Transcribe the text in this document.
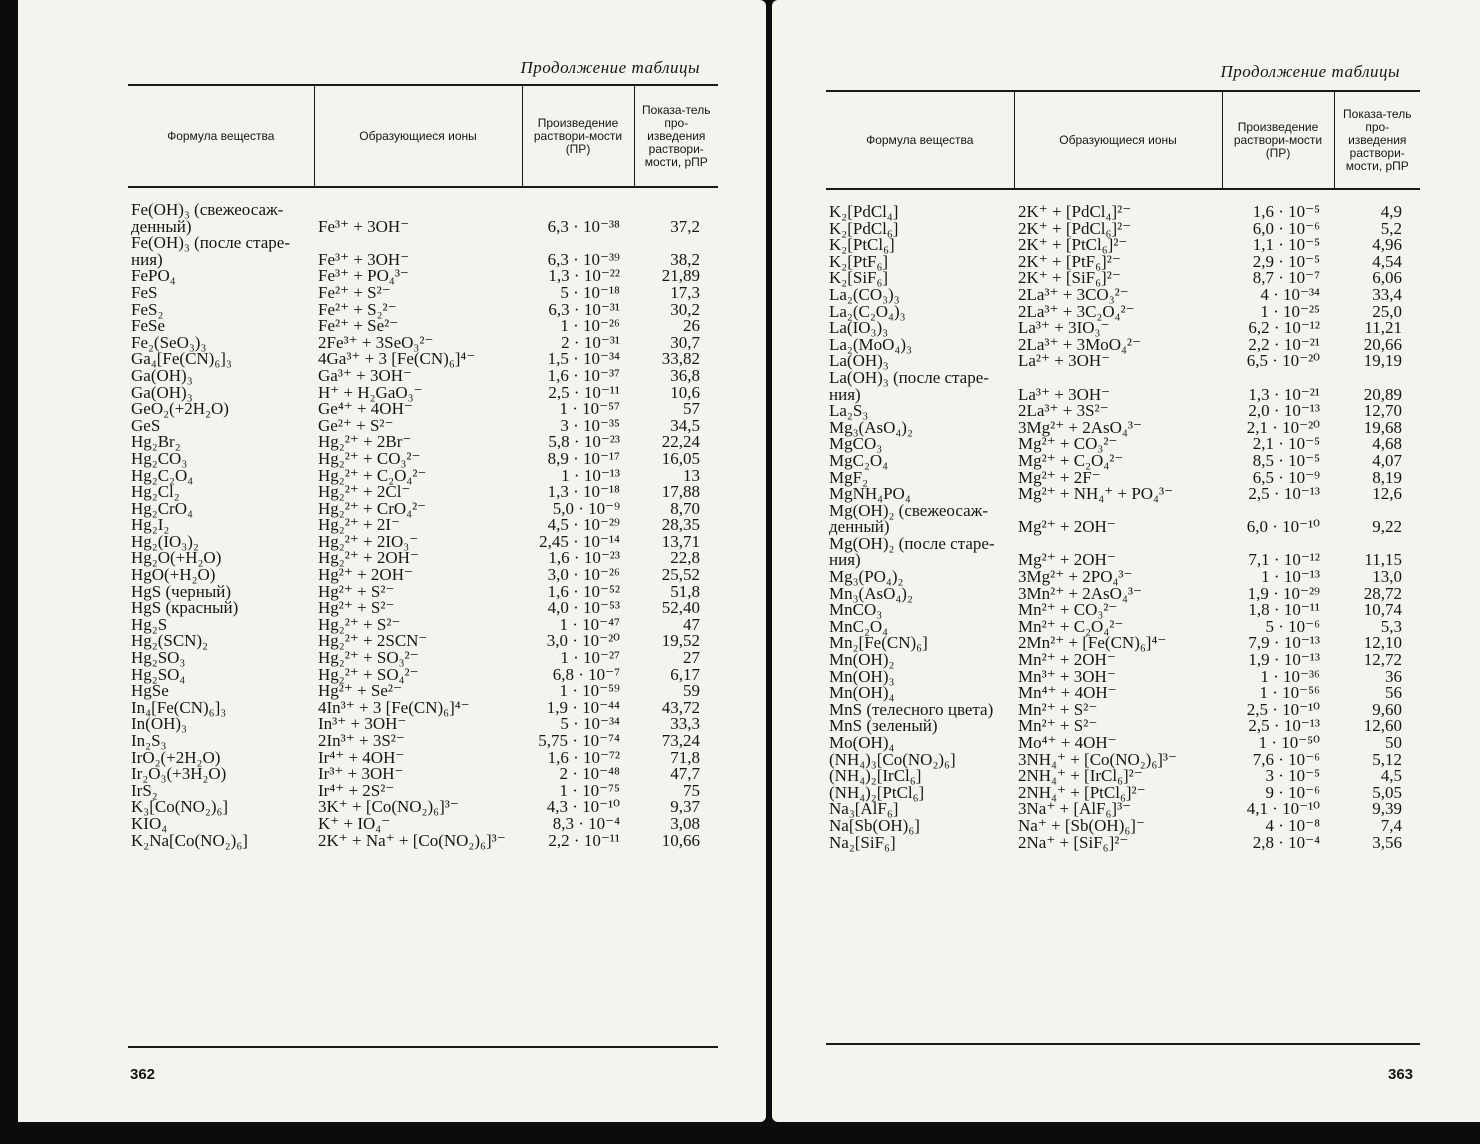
Продолжение таблицы
Формула вещества	Образующиеся ионы	Произведение раствори-мости (ПР)	Показа-тель про-изведения раствори-мости, рПР

Fe(OH)₃ (свежеосаж-денный)	Fe³⁺ + 3OH⁻	6,3 · 10⁻³⁸	37,2
Fe(OH)₃ (после старе-ния)	Fe³⁺ + 3OH⁻	6,3 · 10⁻³⁹	38,2
FePO₄	Fe³⁺ + PO₄³⁻	1,3 · 10⁻²²	21,89
FeS	Fe²⁺ + S²⁻	5 · 10⁻¹⁸	17,3
FeS₂	Fe²⁺ + S₂²⁻	6,3 · 10⁻³¹	30,2
FeSe	Fe²⁺ + Se²⁻	1 · 10⁻²⁶	26
Fe₂(SeO₃)₃	2Fe³⁺ + 3SeO₃²⁻	2 · 10⁻³¹	30,7
Ga₄[Fe(CN)₆]₃	4Ga³⁺ + 3 [Fe(CN)₆]⁴⁻	1,5 · 10⁻³⁴	33,82
Ga(OH)₃	Ga³⁺ + 3OH⁻	1,6 · 10⁻³⁷	36,8
Ga(OH)₃	H⁺ + H₂GaO₃⁻	2,5 · 10⁻¹¹	10,6
GeO₂(+2H₂O)	Ge⁴⁺ + 4OH⁻	1 · 10⁻⁵⁷	57
GeS	Ge²⁺ + S²⁻	3 · 10⁻³⁵	34,5
Hg₂Br₂	Hg₂²⁺ + 2Br⁻	5,8 · 10⁻²³	22,24
Hg₂CO₃	Hg₂²⁺ + CO₃²⁻	8,9 · 10⁻¹⁷	16,05
Hg₂C₂O₄	Hg₂²⁺ + C₂O₄²⁻	1 · 10⁻¹³	13
Hg₂Cl₂	Hg₂²⁺ + 2Cl⁻	1,3 · 10⁻¹⁸	17,88
Hg₂CrO₄	Hg₂²⁺ + CrO₄²⁻	5,0 · 10⁻⁹	8,70
Hg₂I₂	Hg₂²⁺ + 2I⁻	4,5 · 10⁻²⁹	28,35
Hg₂(IO₃)₂	Hg₂²⁺ + 2IO₃⁻	2,45 · 10⁻¹⁴	13,71
Hg₂O(+H₂O)	Hg₂²⁺ + 2OH⁻	1,6 · 10⁻²³	22,8
HgO(+H₂O)	Hg²⁺ + 2OH⁻	3,0 · 10⁻²⁶	25,52
HgS (черный)	Hg²⁺ + S²⁻	1,6 · 10⁻⁵²	51,8
HgS (красный)	Hg²⁺ + S²⁻	4,0 · 10⁻⁵³	52,40
Hg₂S	Hg₂²⁺ + S²⁻	1 · 10⁻⁴⁷	47
Hg₂(SCN)₂	Hg₂²⁺ + 2SCN⁻	3,0 · 10⁻²⁰	19,52
Hg₂SO₃	Hg₂²⁺ + SO₃²⁻	1 · 10⁻²⁷	27
Hg₂SO₄	Hg₂²⁺ + SO₄²⁻	6,8 · 10⁻⁷	6,17
HgSe	Hg²⁺ + Se²⁻	1 · 10⁻⁵⁹	59
In₄[Fe(CN)₆]₃	4In³⁺ + 3 [Fe(CN)₆]⁴⁻	1,9 · 10⁻⁴⁴	43,72
In(OH)₃	In³⁺ + 3OH⁻	5 · 10⁻³⁴	33,3
In₂S₃	2In³⁺ + 3S²⁻	5,75 · 10⁻⁷⁴	73,24
IrO₂(+2H₂O)	Ir⁴⁺ + 4OH⁻	1,6 · 10⁻⁷²	71,8
Ir₂O₃(+3H₂O)	Ir³⁺ + 3OH⁻	2 · 10⁻⁴⁸	47,7
IrS₂	Ir⁴⁺ + 2S²⁻	1 · 10⁻⁷⁵	75
K₃[Co(NO₂)₆]	3K⁺ + [Co(NO₂)₆]³⁻	4,3 · 10⁻¹⁰	9,37
KIO₄	K⁺ + IO₄⁻	8,3 · 10⁻⁴	3,08
K₂Na[Co(NO₂)₆]	2K⁺ + Na⁺ + [Co(NO₂)₆]³⁻	2,2 · 10⁻¹¹	10,66
362
Продолжение таблицы
Формула вещества	Образующиеся ионы	Произведение раствори-мости (ПР)	Показа-тель про-изведения раствори-мости, рПР

K₂[PdCl₄]	2K⁺ + [PdCl₄]²⁻	1,6 · 10⁻⁵	4,9
K₂[PdCl₆]	2K⁺ + [PdCl₆]²⁻	6,0 · 10⁻⁶	5,2
K₂[PtCl₆]	2K⁺ + [PtCl₆]²⁻	1,1 · 10⁻⁵	4,96
K₂[PtF₆]	2K⁺ + [PtF₆]²⁻	2,9 · 10⁻⁵	4,54
K₂[SiF₆]	2K⁺ + [SiF₆]²⁻	8,7 · 10⁻⁷	6,06
La₂(CO₃)₃	2La³⁺ + 3CO₃²⁻	4 · 10⁻³⁴	33,4
La₂(C₂O₄)₃	2La³⁺ + 3C₂O₄²⁻	1 · 10⁻²⁵	25,0
La(IO₃)₃	La³⁺ + 3IO₃⁻	6,2 · 10⁻¹²	11,21
La₂(MoO₄)₃	2La³⁺ + 3MoO₄²⁻	2,2 · 10⁻²¹	20,66
La(OH)₃	La²⁺ + 3OH⁻	6,5 · 10⁻²⁰	19,19
La(OH)₃ (после старе-ния)	La³⁺ + 3OH⁻	1,3 · 10⁻²¹	20,89
La₂S₃	2La³⁺ + 3S²⁻	2,0 · 10⁻¹³	12,70
Mg₃(AsO₄)₂	3Mg²⁺ + 2AsO₄³⁻	2,1 · 10⁻²⁰	19,68
MgCO₃	Mg²⁺ + CO₃²⁻	2,1 · 10⁻⁵	4,68
MgC₂O₄	Mg²⁺ + C₂O₄²⁻	8,5 · 10⁻⁵	4,07
MgF₂	Mg²⁺ + 2F⁻	6,5 · 10⁻⁹	8,19
MgNH₄PO₄	Mg²⁺ + NH₄⁺ + PO₄³⁻	2,5 · 10⁻¹³	12,6
Mg(OH)₂ (свежеосаж-денный)	Mg²⁺ + 2OH⁻	6,0 · 10⁻¹⁰	9,22
Mg(OH)₂ (после старе-ния)	Mg²⁺ + 2OH⁻	7,1 · 10⁻¹²	11,15
Mg₃(PO₄)₂	3Mg²⁺ + 2PO₄³⁻	1 · 10⁻¹³	13,0
Mn₃(AsO₄)₂	3Mn²⁺ + 2AsO₄³⁻	1,9 · 10⁻²⁹	28,72
MnCO₃	Mn²⁺ + CO₃²⁻	1,8 · 10⁻¹¹	10,74
MnC₂O₄	Mn²⁺ + C₂O₄²⁻	5 · 10⁻⁶	5,3
Mn₂[Fe(CN)₆]	2Mn²⁺ + [Fe(CN)₆]⁴⁻	7,9 · 10⁻¹³	12,10
Mn(OH)₂	Mn²⁺ + 2OH⁻	1,9 · 10⁻¹³	12,72
Mn(OH)₃	Mn³⁺ + 3OH⁻	1 · 10⁻³⁶	36
Mn(OH)₄	Mn⁴⁺ + 4OH⁻	1 · 10⁻⁵⁶	56
MnS (телесного цвета)	Mn²⁺ + S²⁻	2,5 · 10⁻¹⁰	9,60
MnS (зеленый)	Mn²⁺ + S²⁻	2,5 · 10⁻¹³	12,60
Mo(OH)₄	Mo⁴⁺ + 4OH⁻	1 · 10⁻⁵⁰	50
(NH₄)₃[Co(NO₂)₆]	3NH₄⁺ + [Co(NO₂)₆]³⁻	7,6 · 10⁻⁶	5,12
(NH₄)₂[IrCl₆]	2NH₄⁺ + [IrCl₆]²⁻	3 · 10⁻⁵	4,5
(NH₄)₂[PtCl₆]	2NH₄⁺ + [PtCl₆]²⁻	9 · 10⁻⁶	5,05
Na₃[AlF₆]	3Na⁺ + [AlF₆]³⁻	4,1 · 10⁻¹⁰	9,39
Na[Sb(OH)₆]	Na⁺ + [Sb(OH)₆]⁻	4 · 10⁻⁸	7,4
Na₂[SiF₆]	2Na⁺ + [SiF₆]²⁻	2,8 · 10⁻⁴	3,56
363
